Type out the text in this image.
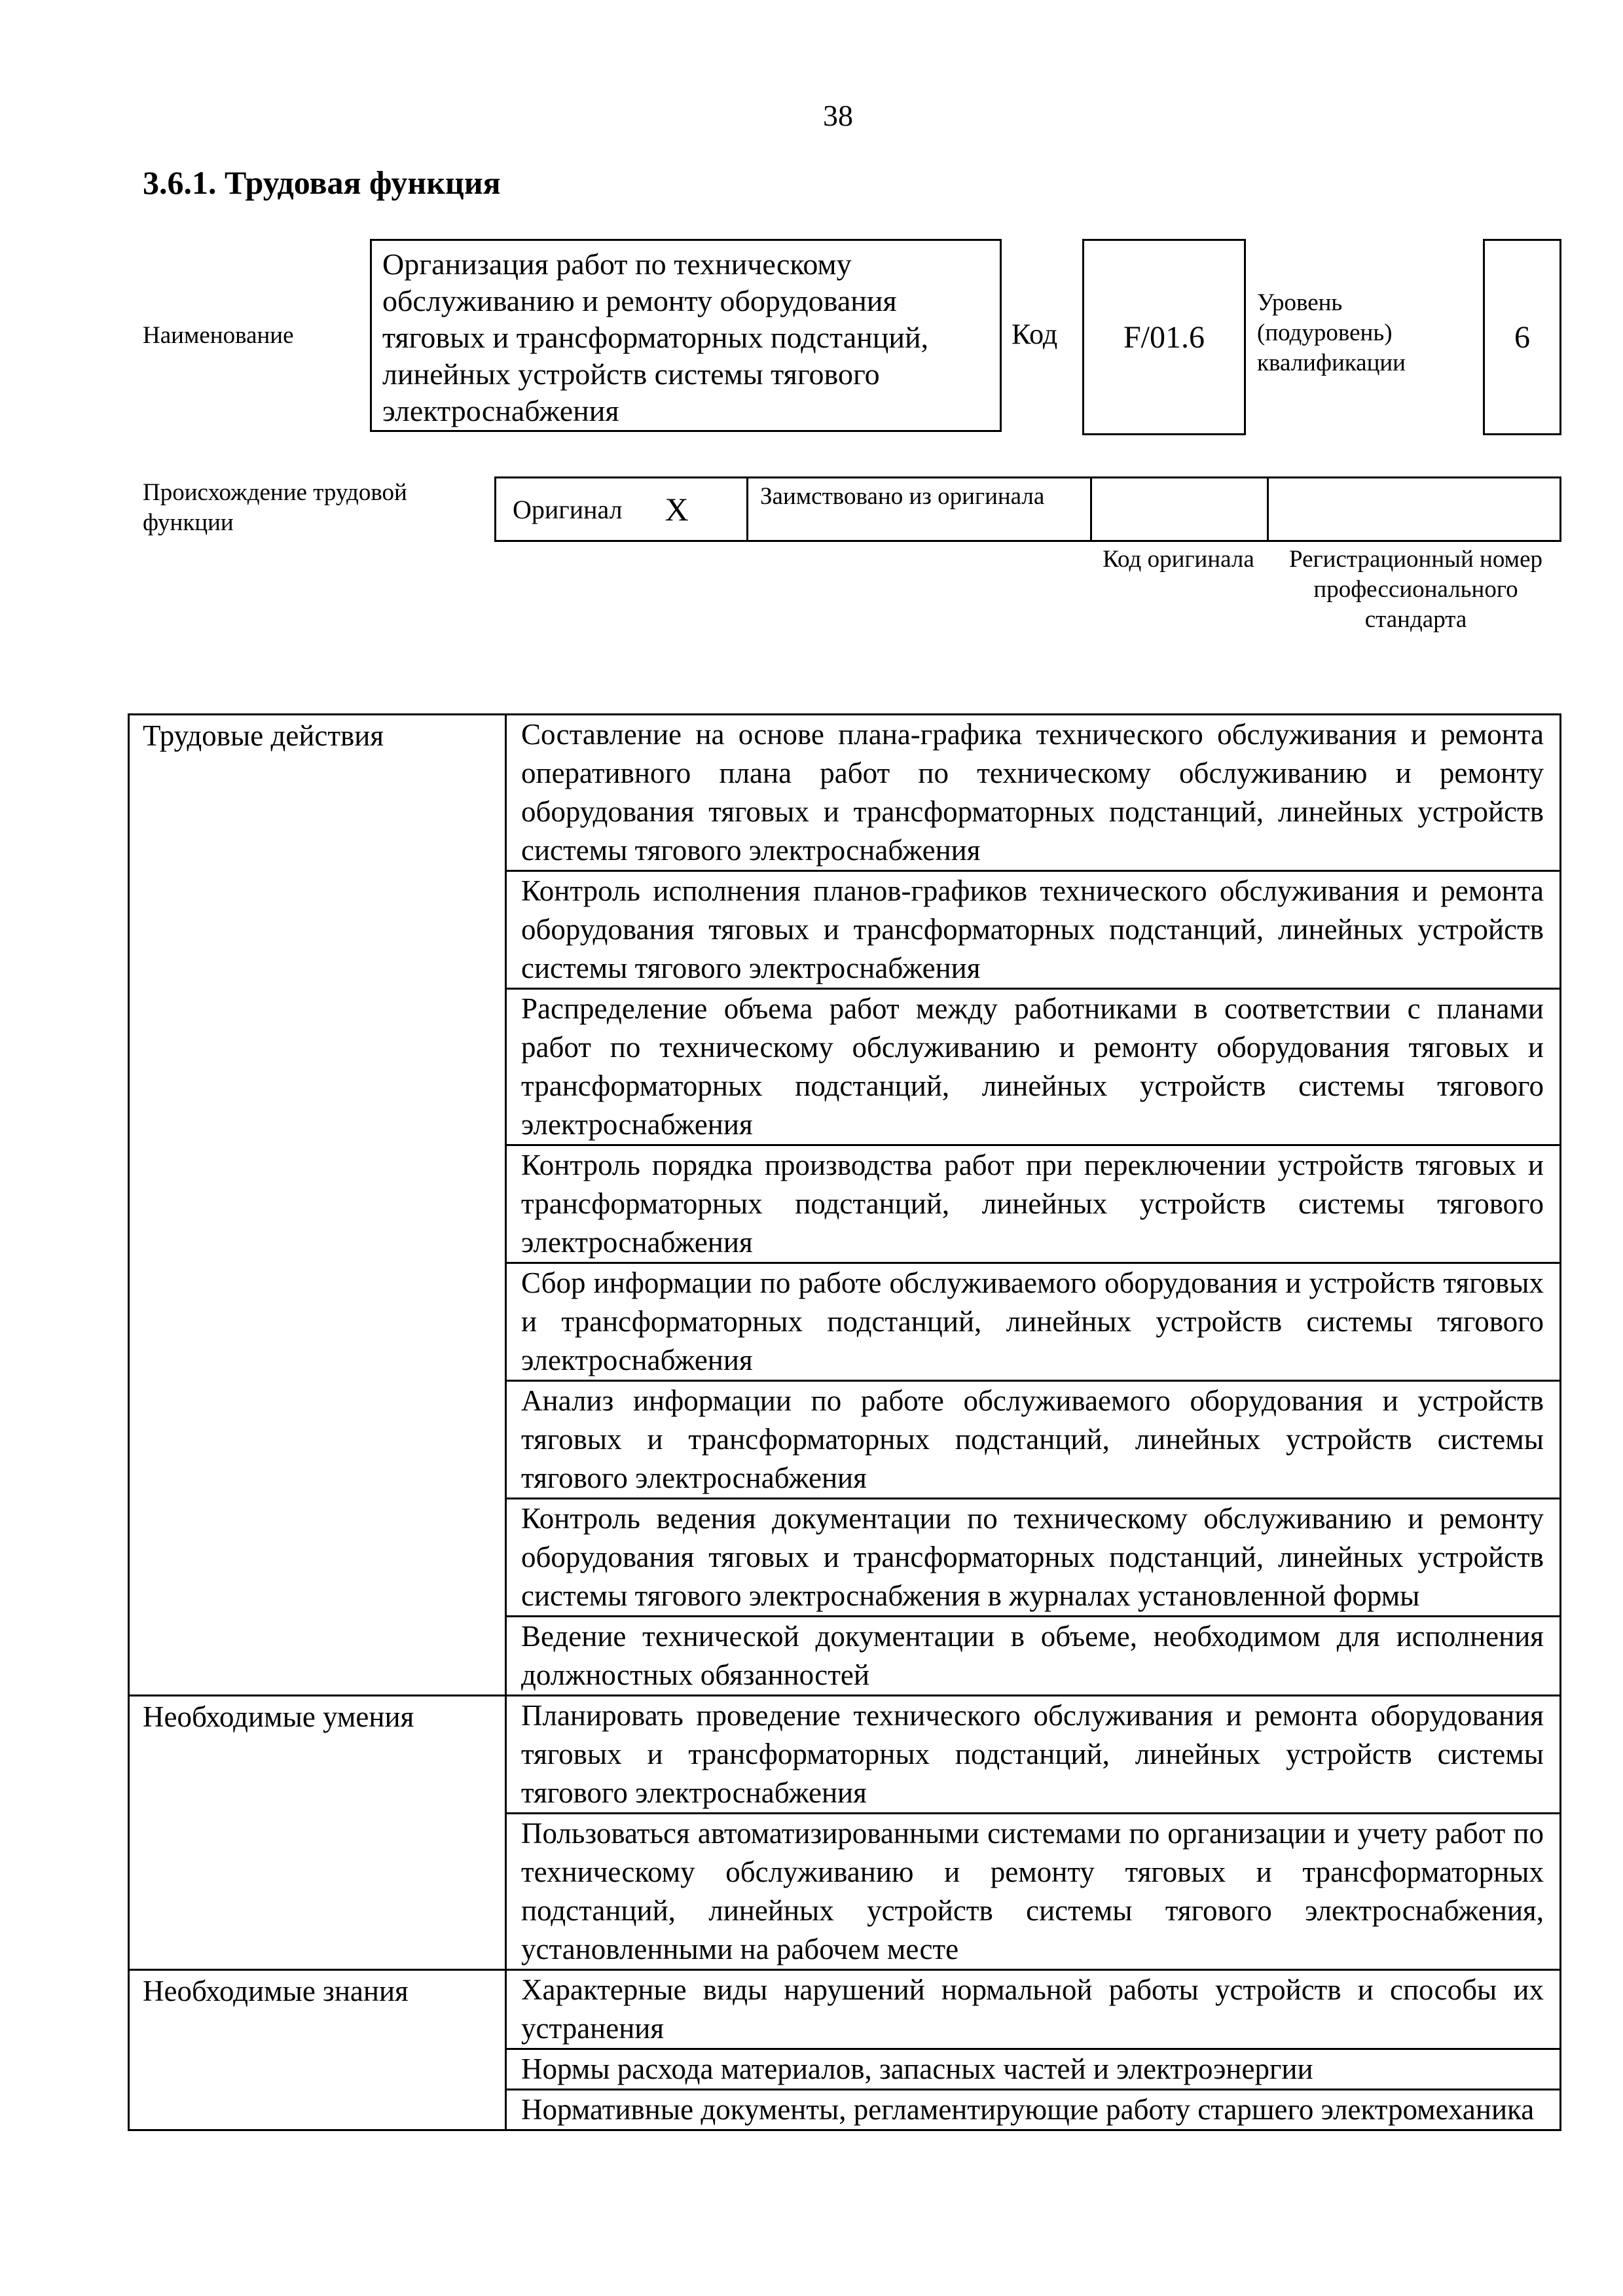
38
3.6.1. Трудовая функция
Наименование
Организация работ по техническому обслуживанию и ремонту оборудования тяговых и трансформаторных подстанций, линейных устройств системы тягового электроснабжения
Код	F/01.6
Уровень (подуровень) квалификации
6
Происхождение трудовой функции	Оригинал X	Заимствовано из оригинала
Код оригинала	Регистрационный номер профессионального стандарта
Трудовые действия	Составление на основе плана-графика технического обслуживания и ремонта оперативного плана работ по техническому обслуживанию и ремонту оборудования тяговых и трансформаторных подстанций, линейных устройств системы тягового электроснабжения
	Контроль исполнения планов-графиков технического обслуживания и ремонта оборудования тяговых и трансформаторных подстанций, линейных устройств системы тягового электроснабжения
	Распределение объема работ между работниками в соответствии с планами работ по техническому обслуживанию и ремонту оборудования тяговых и трансформаторных подстанций, линейных устройств системы тягового электроснабжения
	Контроль порядка производства работ при переключении устройств тяговых и трансформаторных подстанций, линейных устройств системы тягового электроснабжения
	Сбор информации по работе обслуживаемого оборудования и устройств тяговых и трансформаторных подстанций, линейных устройств системы тягового электроснабжения
	Анализ информации по работе обслуживаемого оборудования и устройств тяговых и трансформаторных подстанций, линейных устройств системы тягового электроснабжения
	Контроль ведения документации по техническому обслуживанию и ремонту оборудования тяговых и трансформаторных подстанций, линейных устройств системы тягового электроснабжения в журналах установленной формы
	Ведение технической документации в объеме, необходимом для исполнения должностных обязанностей
Необходимые умения	Планировать проведение технического обслуживания и ремонта оборудования тяговых и трансформаторных подстанций, линейных устройств системы тягового электроснабжения
	Пользоваться автоматизированными системами по организации и учету работ по техническому обслуживанию и ремонту тяговых и трансформаторных подстанций, линейных устройств системы тягового электроснабжения, установленными на рабочем месте
Необходимые знания	Характерные виды нарушений нормальной работы устройств и способы их устранения
	Нормы расхода материалов, запасных частей и электроэнергии
	Нормативные документы, регламентирующие работу старшего электромеханика
